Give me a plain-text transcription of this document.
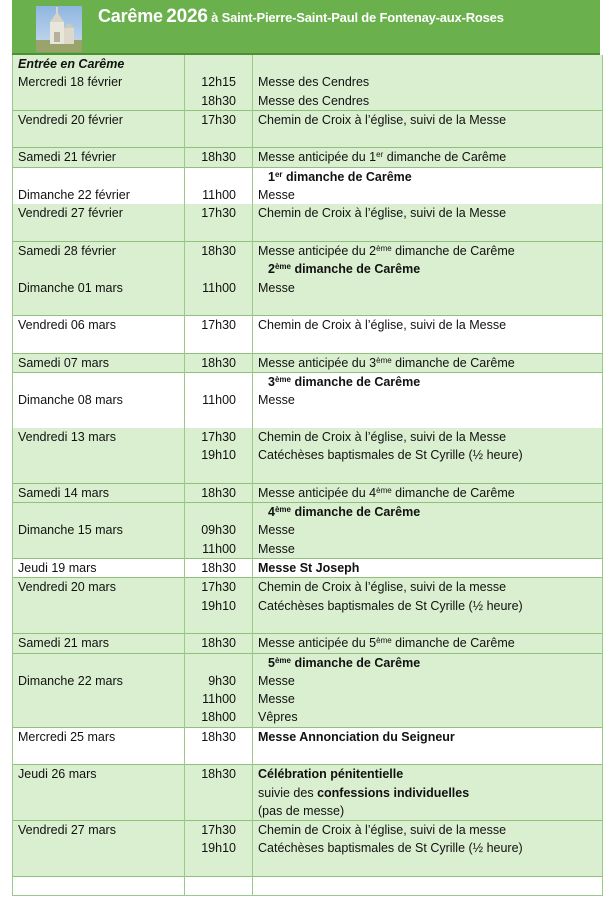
Carême 2026 à Saint-Pierre-Saint-Paul de Fontenay-aux-Roses
Entrée en Carême		
Mercredi 18 février	12h15	Messe des Cendres
	18h30	Messe des Cendres
Vendredi 20 février	17h30	Chemin de Croix à l’église, suivi de la Messe

Samedi 21 février	18h30	Messe anticipée du 1er dimanche de Carême
		1er dimanche de Carême
Dimanche 22 février	11h00	Messe
Vendredi 27 février	17h30	Chemin de Croix à l’église, suivi de la Messe

Samedi 28 février	18h30	Messe anticipée du 2ème dimanche de Carême
		2ème dimanche de Carême
Dimanche 01 mars	11h00	Messe

Vendredi 06 mars	17h30	Chemin de Croix à l’église, suivi de la Messe

Samedi 07 mars	18h30	Messe anticipée du 3ème dimanche de Carême
		3ème dimanche de Carême
Dimanche 08 mars	11h00	Messe

Vendredi 13 mars	17h30	Chemin de Croix à l’église, suivi de la Messe
	19h10	Catéchèses baptismales de St Cyrille (½ heure)

Samedi 14 mars	18h30	Messe anticipée du 4ème dimanche de Carême
		4ème dimanche de Carême
Dimanche 15 mars	09h30	Messe
	11h00	Messe
Jeudi 19 mars	18h30	Messe St Joseph
Vendredi 20 mars	17h30	Chemin de Croix à l’église, suivi de la messe
	19h10	Catéchèses baptismales de St Cyrille (½ heure)

Samedi 21 mars	18h30	Messe anticipée du 5ème dimanche de Carême
		5ème dimanche de Carême
Dimanche 22 mars	9h30	Messe
	11h00	Messe
	18h00	Vêpres
Mercredi 25 mars	18h30	Messe Annonciation du Seigneur

Jeudi 26 mars	18h30	Célébration pénitentielle
		suivie des confessions individuelles
		(pas de messe)
Vendredi 27 mars	17h30	Chemin de Croix à l’église, suivi de la messe
	19h10	Catéchèses baptismales de St Cyrille (½ heure)
